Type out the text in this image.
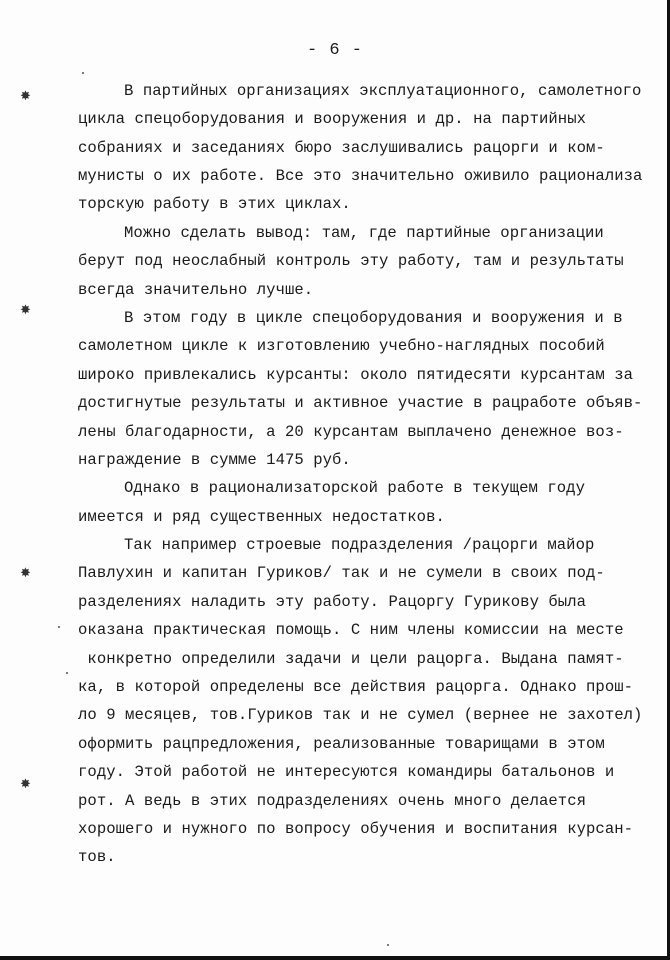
- 6 -
В партийных организациях эксплуатационного, самолетного
цикла спецоборудования и вооружения и др. на партийных
собраниях и заседаниях бюро заслушивались рацорги и ком-
мунисты о их работе. Все это значительно оживило рационализа
торскую работу в этих циклах.
Можно сделать вывод: там, где партийные организации
берут под неослабный контроль эту работу, там и результаты
всегда значительно лучше.
В этом году в цикле спецоборудования и вооружения и в
самолетном цикле к изготовлению учебно-наглядных пособий
широко привлекались курсанты: около пятидесяти курсантам за
достигнутые результаты и активное участие в рацработе объяв-
лены благодарности, а 20 курсантам выплачено денежное воз-
награждение в сумме 1475 руб.
Однако в рационализаторской работе в текущем году
имеется и ряд существенных недостатков.
Так например строевые подразделения /рацорги майор
Павлухин и капитан Гуриков/ так и не сумели в своих под-
разделениях наладить эту работу. Рацоргу Гурикову была
оказана практическая помощь. С ним члены комиссии на месте
конкретно определили задачи и цели рацорга. Выдана памят-
ка, в которой определены все действия рацорга. Однако прош-
ло 9 месяцев, тов.Гуриков так и не сумел (вернее не захотел)
оформить рацпредложения, реализованные товарищами в этом
году. Этой работой не интересуются командиры батальонов и
рот. А ведь в этих подразделениях очень много делается
хорошего и нужного по вопросу обучения и воспитания курсан-
тов.
✸
✸
✸
✸
